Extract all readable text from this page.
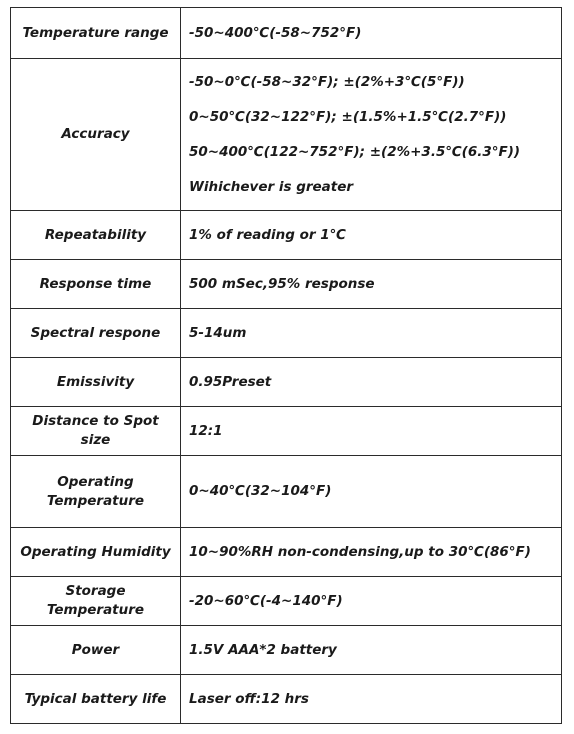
Temperature range	-50~400℃(-58~752°F)
Accuracy	-50~0℃(-58~32°F); ±(2%+3℃(5°F))
0~50℃(32~122°F); ±(1.5%+1.5℃(2.7°F))
50~400℃(122~752°F); ±(2%+3.5℃(6.3°F))
Wihichever is greater

Repeatability	1% of reading or 1℃
Response time	500 mSec,95% response
Spectral respone	5-14um
Emissivity	0.95Preset
Distance to Spot size	12:1
Operating
Temperature	0~40℃(32~104°F)
Operating Humidity	10~90%RH non-condensing,up to 30℃(86°F)
Storage Temperature	-20~60℃(-4~140°F)
Power	1.5V AAA*2 battery
Typical battery life	Laser off:12 hrs
